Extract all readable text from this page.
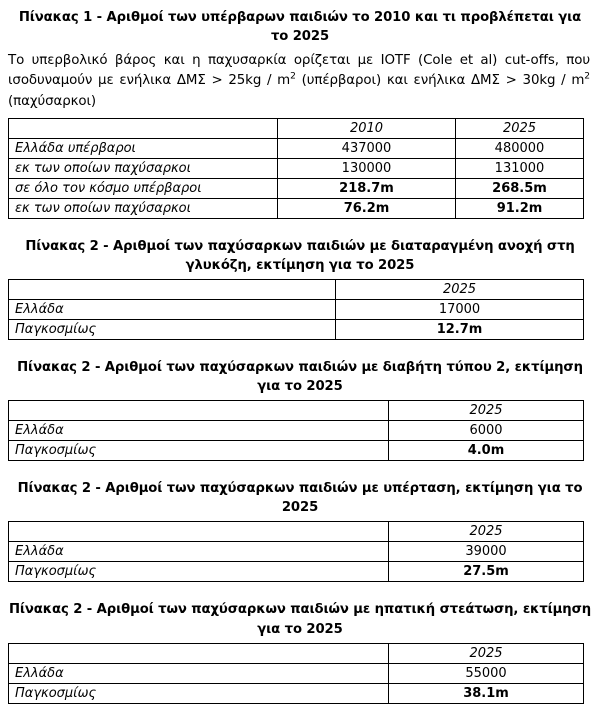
Πίνακας 1 - Αριθμοί των υπέρβαρων παιδιών το 2010 και τι προβλέπεται για το 2025

Το υπερβολικό βάρος και η παχυσαρκία ορίζεται με IOTF (Cole et al) cut-offs, που ισοδυναμούν με ενήλικα $\Delta M\Sigma > 25kg / m^2$ (υπέρβαροι) και ενήλικα $\Delta M\Sigma > 30kg / m^2$ (παχύσαρκοι)

	2010	2025
Ελλάδα υπέρβαροι	437000	480000
εκ των οποίων παχύσαρκοι	130000	131000
σε όλο τον κόσμο υπέρβαροι	218.7m	268.5m
εκ των οποίων παχύσαρκοι	76.2m	91.2m
Πίνακας 2 - Αριθμοί των παχύσαρκων παιδιών με διαταραγμένη ανοχή στη γλυκόζη, εκτίμηση για το 2025
	2025
Ελλάδα	17000
Παγκοσμίως	12.7m
Πίνακας 2 - Αριθμοί των παχύσαρκων παιδιών με διαβήτη τύπου 2, εκτίμηση για το 2025
	2025
Ελλάδα	6000
Παγκοσμίως	4.0m
Πίνακας 2 - Αριθμοί των παχύσαρκων παιδιών με υπέρταση, εκτίμηση για το 2025
	2025
Ελλάδα	39000
Παγκοσμίως	27.5m
Πίνακας 2 - Αριθμοί των παχύσαρκων παιδιών με ηπατική στεάτωση, εκτίμηση για το 2025
	2025
Ελλάδα	55000
Παγκοσμίως	38.1m
